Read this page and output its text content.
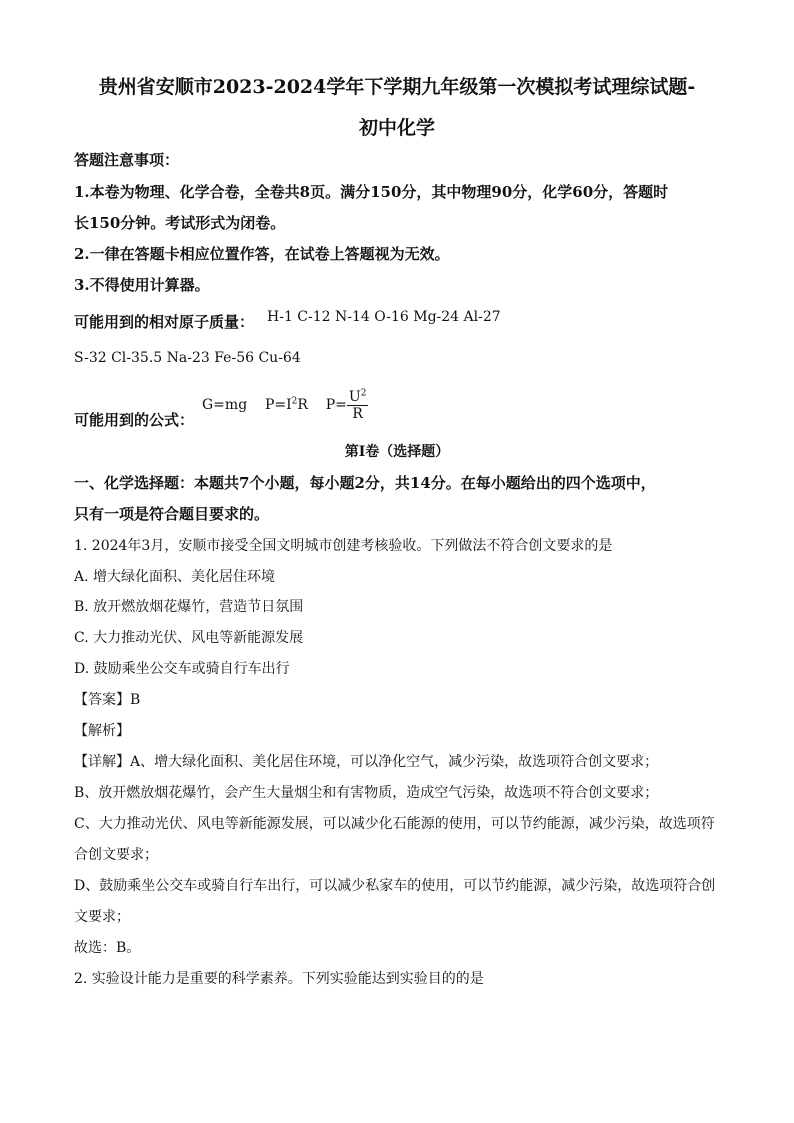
贵州省安顺市2023-2024学年下学期九年级第一次模拟考试理综试题-
初中化学
答题注意事项：
1.本卷为物理、化学合卷，全卷共8页。满分150分，其中物理90分，化学60分，答题时
长150分钟。考试形式为闭卷。
2.一律在答题卡相应位置作答，在试卷上答题视为无效。
3.不得使用计算器。
可能用到的相对原子质量： H-1 C-12 N-14 O-16 Mg-24 Al-27
S-32 Cl-35.5 Na-23 Fe-56 Cu-64
可能用到的公式：
G=mg $P=I^2R$ $P= \frac{U^2}{R}$
第I卷（选择题）
一、化学选择题：本题共7个小题，每小题2分，共14分。在每小题给出的四个选项中，
只有一项是符合题目要求的。
1. 2024年3月，安顺市接受全国文明城市创建考核验收。下列做法不符合创文要求的是
A. 增大绿化面积、美化居住环境
B. 放开燃放烟花爆竹，营造节日氛围
C. 大力推动光伏、风电等新能源发展
D. 鼓励乘坐公交车或骑自行车出行
【答案】B
【解析】
【详解】A、增大绿化面积、美化居住环境，可以净化空气，减少污染，故选项符合创文要求；
B、放开燃放烟花爆竹，会产生大量烟尘和有害物质，造成空气污染，故选项不符合创文要求；
C、大力推动光伏、风电等新能源发展，可以减少化石能源的使用，可以节约能源，减少污染，故选项符
合创文要求；
D、鼓励乘坐公交车或骑自行车出行，可以减少私家车的使用，可以节约能源，减少污染，故选项符合创
文要求；
故选：B。
2. 实验设计能力是重要的科学素养。下列实验能达到实验目的的是
